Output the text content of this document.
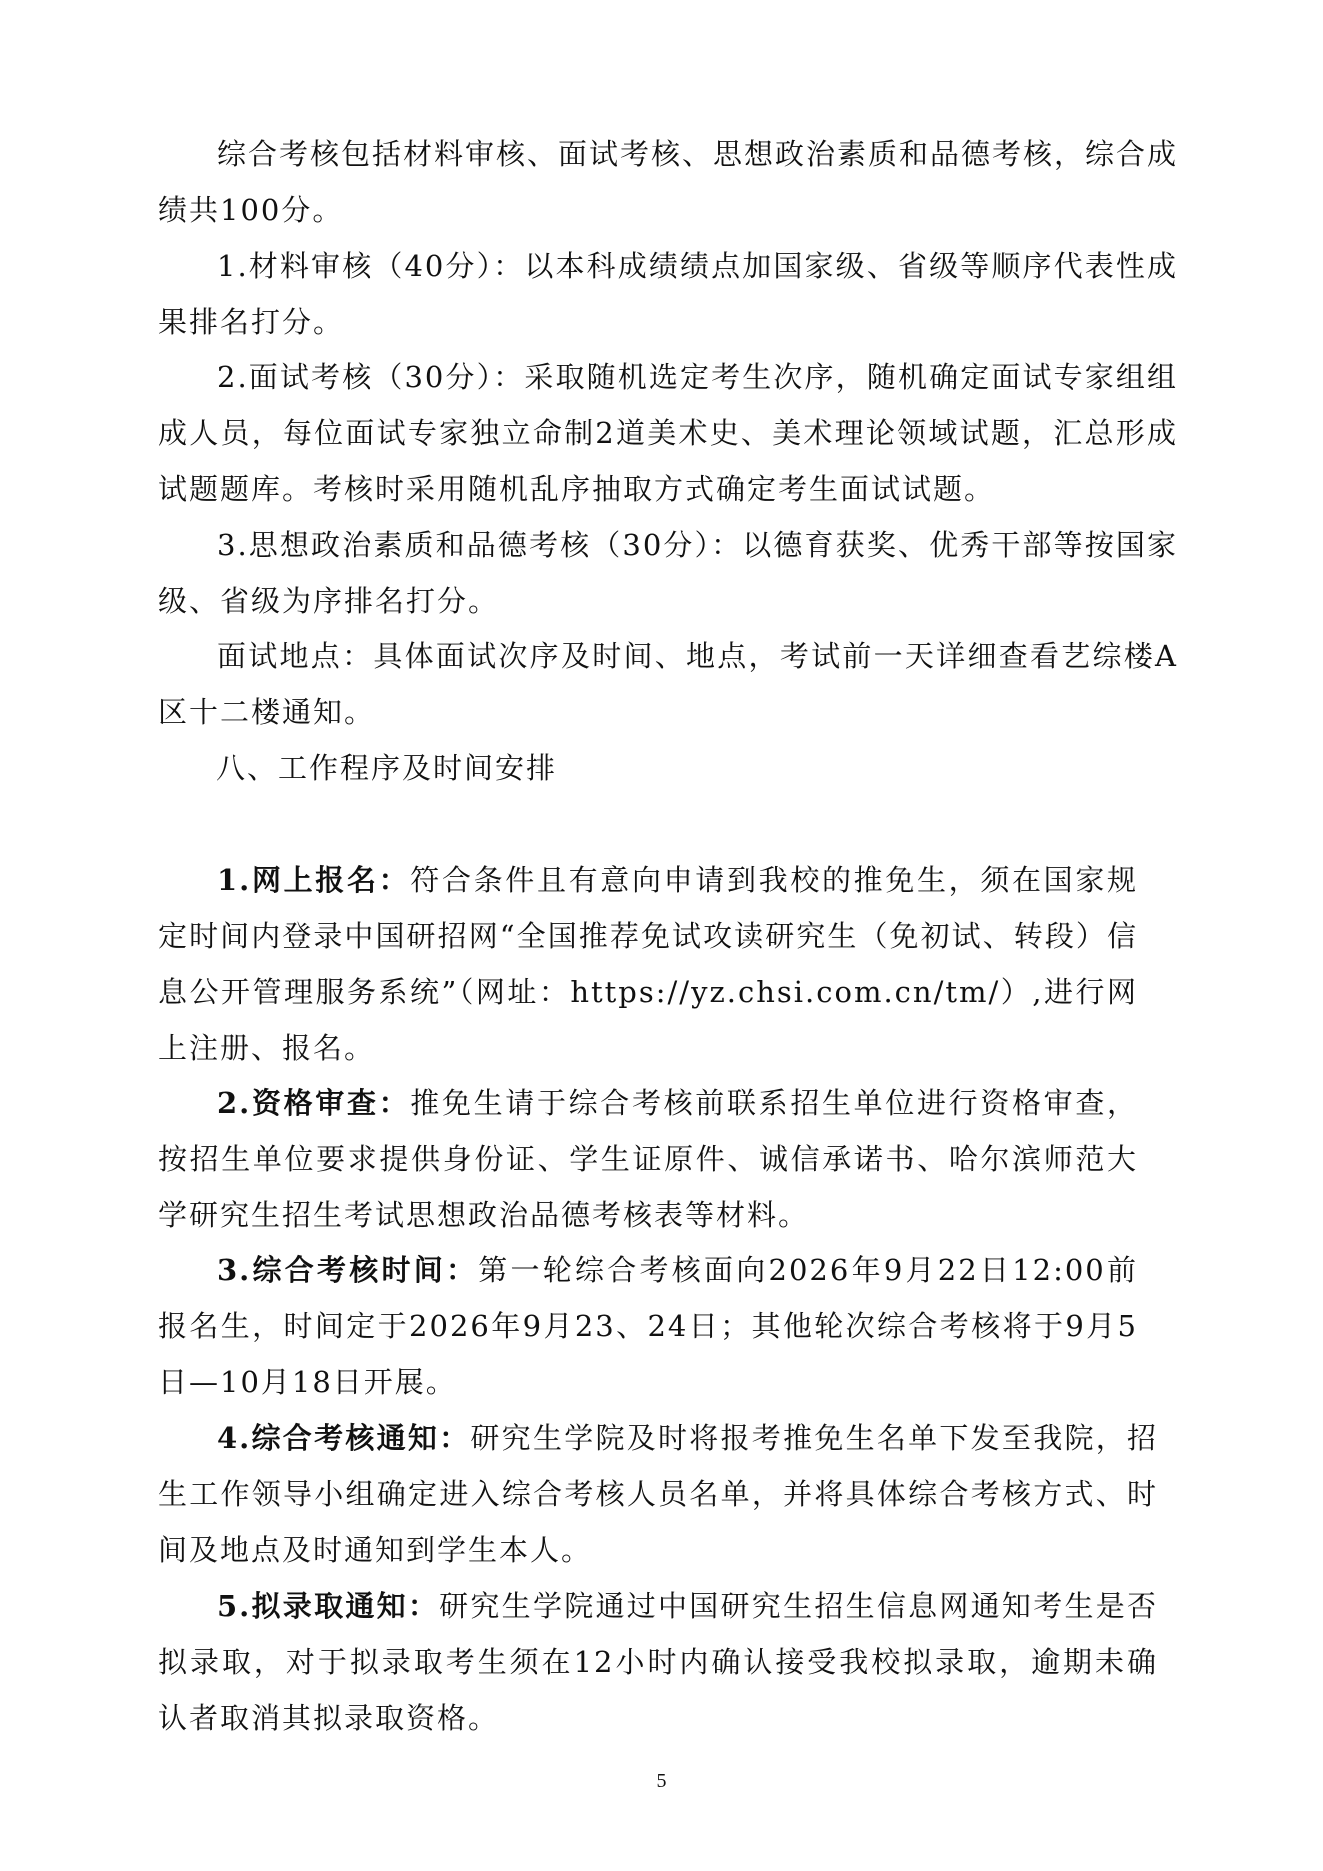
综合考核包括材料审核、面试考核、思想政治素质和品德考核，综合成绩共100分。

1.材料审核（40分）：以本科成绩绩点加国家级、省级等顺序代表性成果排名打分。

2.面试考核（30分）：采取随机选定考生次序，随机确定面试专家组组成人员，每位面试专家独立命制2道美术史、美术理论领域试题，汇总形成试题题库。考核时采用随机乱序抽取方式确定考生面试试题。

3.思想政治素质和品德考核（30分）：以德育获奖、优秀干部等按国家级、省级为序排名打分。

面试地点：具体面试次序及时间、地点，考试前一天详细查看艺综楼A区十二楼通知。

八、工作程序及时间安排

1.网上报名：符合条件且有意向申请到我校的推免生，须在国家规定时间内登录中国研招网“全国推荐免试攻读研究生（免初试、转段）信息公开管理服务系统”（网址：https://yz.chsi.com.cn/tm/）,进行网上注册、报名。

2.资格审查：推免生请于综合考核前联系招生单位进行资格审查，按招生单位要求提供身份证、学生证原件、诚信承诺书、哈尔滨师范大学研究生招生考试思想政治品德考核表等材料。

3.综合考核时间：第一轮综合考核面向2026年9月22日12:00前报名生，时间定于2026年9月23、24日；其他轮次综合考核将于9月5日—10月18日开展。

4.综合考核通知：研究生学院及时将报考推免生名单下发至我院，招生工作领导小组确定进入综合考核人员名单，并将具体综合考核方式、时间及地点及时通知到学生本人。

5.拟录取通知：研究生学院通过中国研究生招生信息网通知考生是否拟录取，对于拟录取考生须在12小时内确认接受我校拟录取，逾期未确认者取消其拟录取资格。

5
